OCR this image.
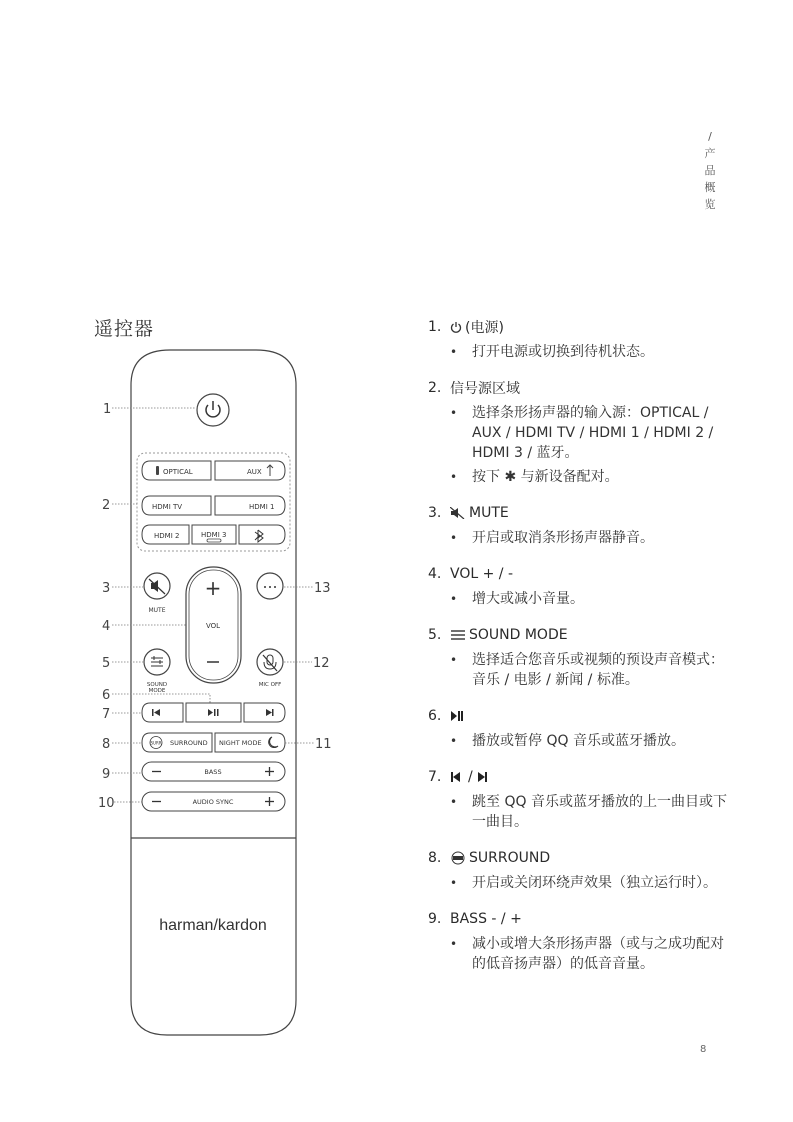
/
产
品
概
览
遥控器
OPTICAL	AUX
HDMI TV	HDMI 1
HDMI 2	HDMI 3
MUTE
+
VOL
SOUND
MODE
MIC OFF
SURR SURROUND NIGHT MODE
BASS
AUDIO SYNC
harman/kardon
1
2
3
4
5
6
7
8
9
10
11
12
13
1.	(电源)
•	打开电源或切换到待机状态。
2. 信号源区域
•	选择条形扬声器的输入源：OPTICAL / AUX / HDMI TV / HDMI 1 / HDMI 2 / HDMI 3 / 蓝牙。
•	按下 ✱ 与新设备配对。
3.	MUTE
•	开启或取消条形扬声器静音。
4. VOL + / -
•	增大或减小音量。
5.	SOUND MODE
•	选择适合您音乐或视频的预设声音模式：音乐 / 电影 / 新闻 / 标准。
6.
•	播放或暂停 QQ 音乐或蓝牙播放。
7.	/
•	跳至 QQ 音乐或蓝牙播放的上一曲目或下一曲目。
8.	SURROUND
•	开启或关闭环绕声效果（独立运行时）。
9. BASS - / +
•	减小或增大条形扬声器（或与之成功配对的低音扬声器）的低音音量。
8
